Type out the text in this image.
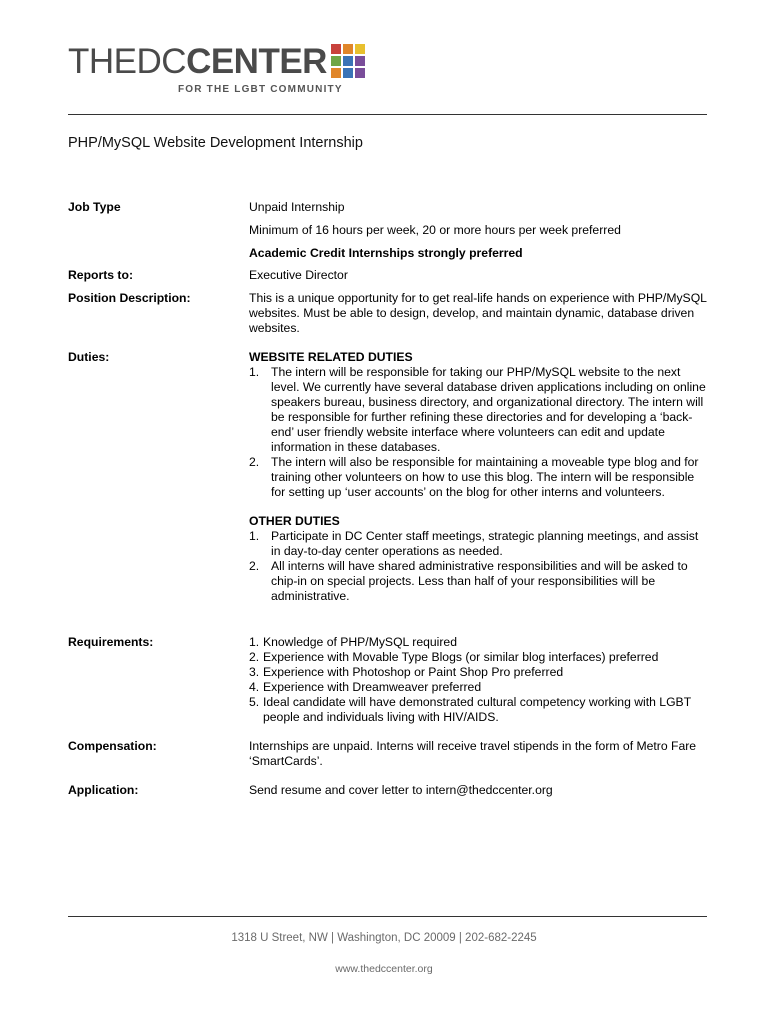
THEDCCENTER
FOR THE LGBT COMMUNITY
PHP/MySQL Website Development Internship
Job Type	Unpaid Internship
Minimum of 16 hours per week, 20 or more hours per week preferred
Academic Credit Internships strongly preferred
Reports to:	Executive Director
Position Description:	This is a unique opportunity for to get real-life hands on experience with PHP/MySQL websites. Must be able to design, develop, and maintain dynamic, database driven websites.
Duties:	WEBSITE RELATED DUTIES
1. The intern will be responsible for taking our PHP/MySQL website to the next level. We currently have several database driven applications including on online speakers bureau, business directory, and organizational directory. The intern will be responsible for further refining these directories and for developing a ‘back-end’ user friendly website interface where volunteers can edit and update information in these databases.
2. The intern will also be responsible for maintaining a moveable type blog and for training other volunteers on how to use this blog. The intern will be responsible for setting up ‘user accounts’ on the blog for other interns and volunteers.
OTHER DUTIES
1. Participate in DC Center staff meetings, strategic planning meetings, and assist in day-to-day center operations as needed.
2. All interns will have shared administrative responsibilities and will be asked to chip-in on special projects. Less than half of your responsibilities will be administrative.
Requirements:	1. Knowledge of PHP/MySQL required
2. Experience with Movable Type Blogs (or similar blog interfaces) preferred
3. Experience with Photoshop or Paint Shop Pro preferred
4. Experience with Dreamweaver preferred
5. Ideal candidate will have demonstrated cultural competency working with LGBT people and individuals living with HIV/AIDS.
Compensation:	Internships are unpaid. Interns will receive travel stipends in the form of Metro Fare ‘SmartCards’.
Application:	Send resume and cover letter to intern@thedccenter.org
1318 U Street, NW | Washington, DC 20009 | 202-682-2245
www.thedccenter.org
